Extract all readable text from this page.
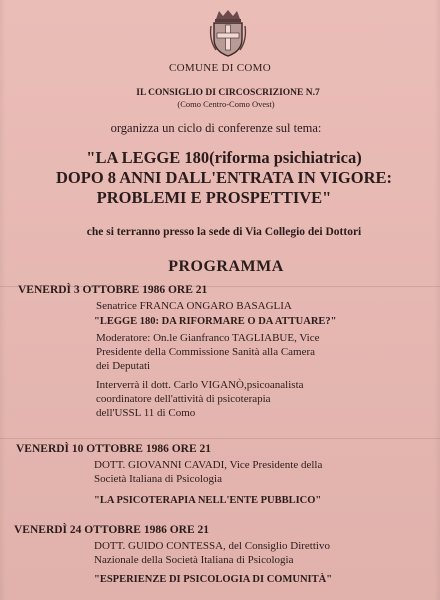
COMUNE DI COMO
IL CONSIGLIO DI CIRCOSCRIZIONE N.7
(Como Centro-Como Ovest)
organizza un ciclo di conferenze sul tema:
"LA LEGGE 180(riforma psichiatrica)
DOPO 8 ANNI DALL'ENTRATA IN VIGORE:
PROBLEMI E PROSPETTIVE"
che si terranno presso la sede di Via Collegio dei Dottori
PROGRAMMA
VENERDÌ 3 OTTOBRE 1986 ORE 21
Senatrice FRANCA ONGARO BASAGLIA
"LEGGE 180: DA RIFORMARE O DA ATTUARE?"
Moderatore: On.le Gianfranco TAGLIABUE, Vice
Presidente della Commissione Sanità alla Camera
dei Deputati
Interverrà il dott. Carlo VIGANÒ,psicoanalista
coordinatore dell'attività di psicoterapia
dell'USSL 11 di Como
VENERDÌ 10 OTTOBRE 1986 ORE 21
DOTT. GIOVANNI CAVADI, Vice Presidente della
Società Italiana di Psicologia
"LA PSICOTERAPIA NELL'ENTE PUBBLICO"
VENERDÌ 24 OTTOBRE 1986 ORE 21
DOTT. GUIDO CONTESSA, del Consiglio Direttivo
Nazionale della Società Italiana di Psicologia
"ESPERIENZE DI PSICOLOGIA DI COMUNITÀ"
